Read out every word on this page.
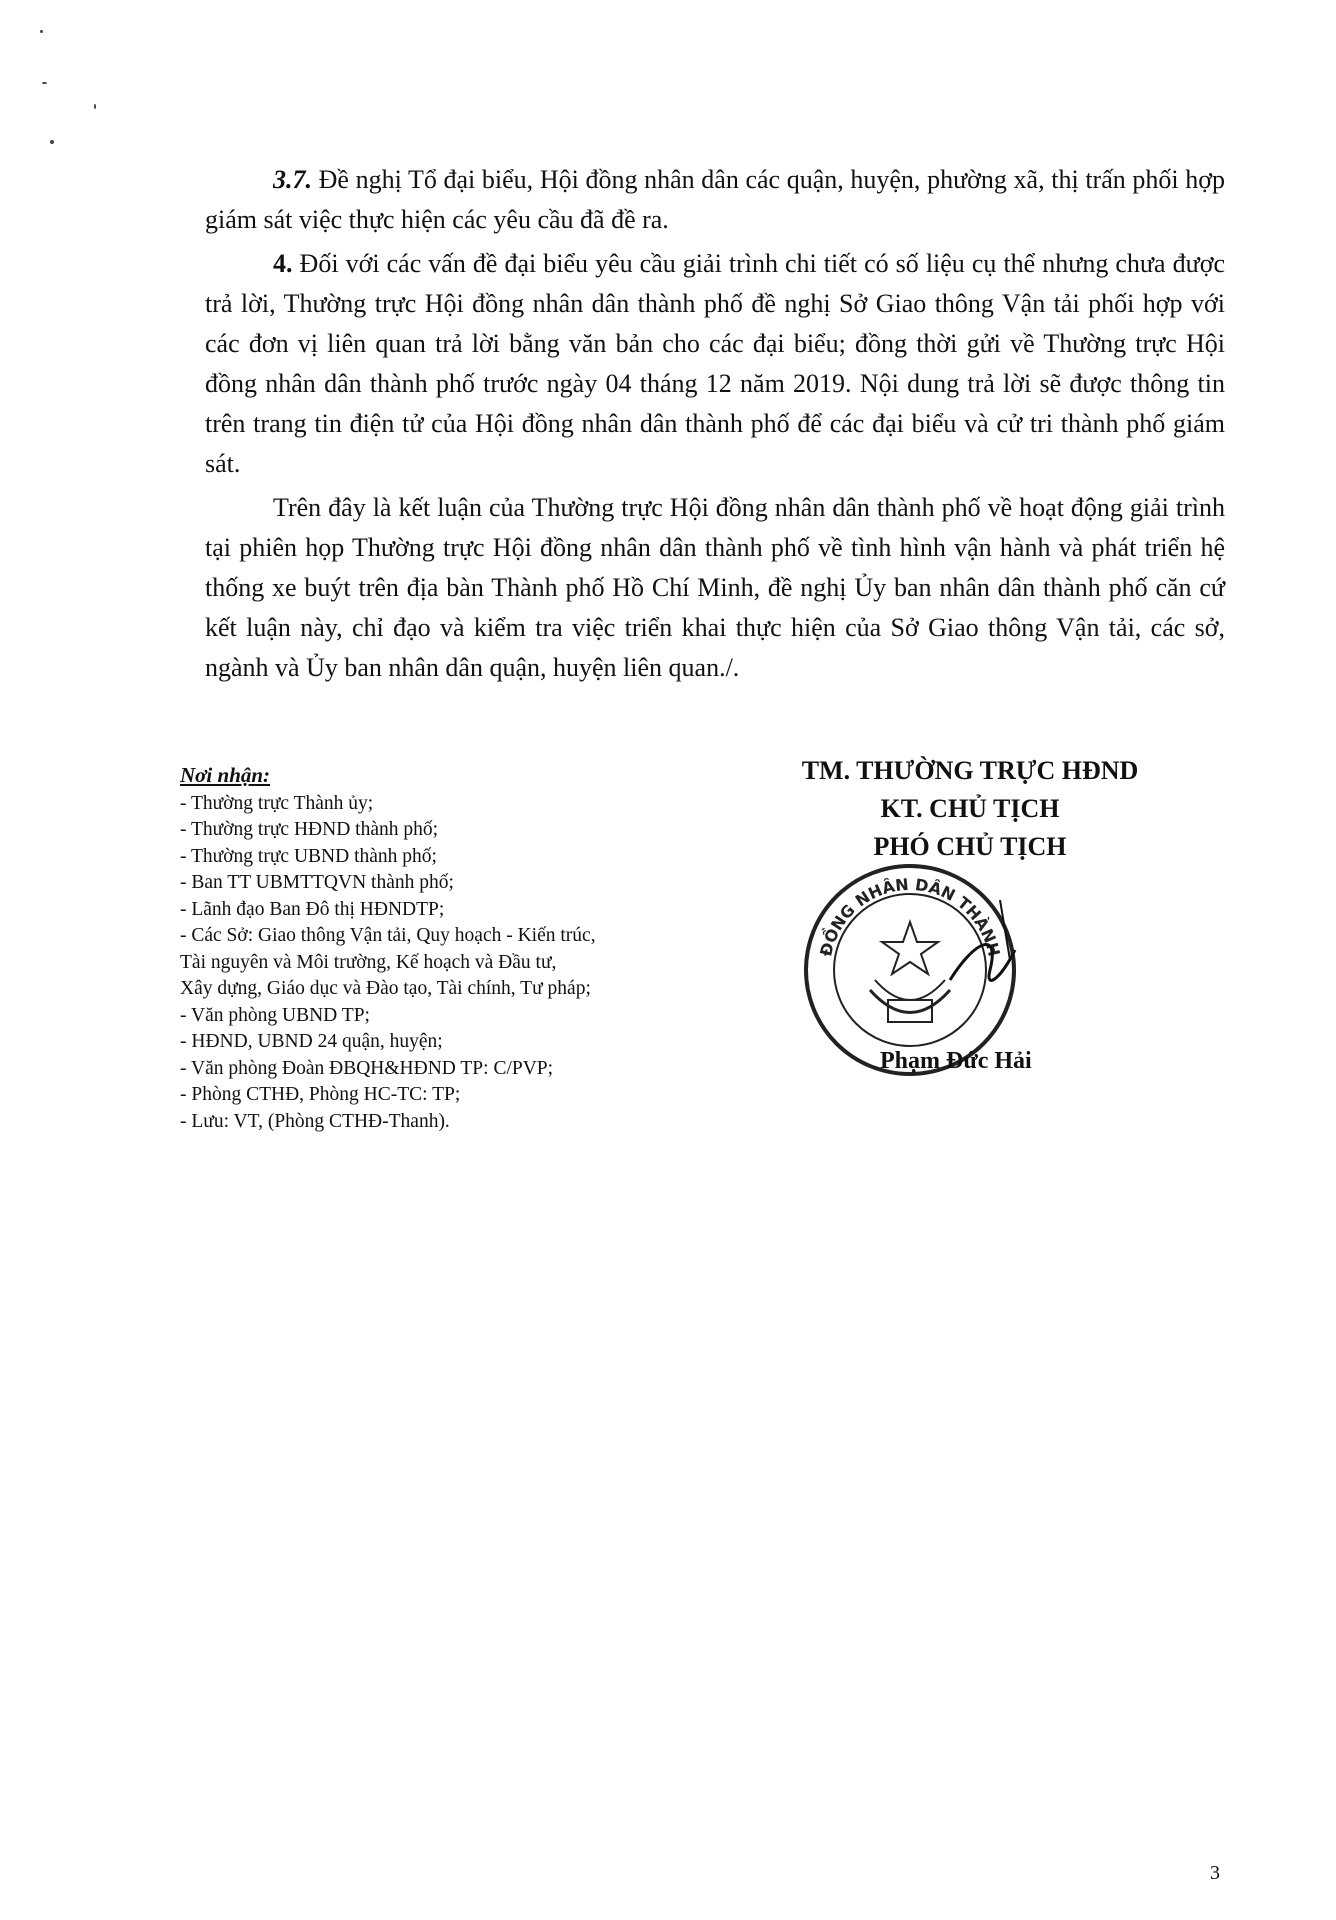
3.7. Đề nghị Tổ đại biểu, Hội đồng nhân dân các quận, huyện, phường xã, thị trấn phối hợp giám sát việc thực hiện các yêu cầu đã đề ra.

4. Đối với các vấn đề đại biểu yêu cầu giải trình chi tiết có số liệu cụ thể nhưng chưa được trả lời, Thường trực Hội đồng nhân dân thành phố đề nghị Sở Giao thông Vận tải phối hợp với các đơn vị liên quan trả lời bằng văn bản cho các đại biểu; đồng thời gửi về Thường trực Hội đồng nhân dân thành phố trước ngày 04 tháng 12 năm 2019. Nội dung trả lời sẽ được thông tin trên trang tin điện tử của Hội đồng nhân dân thành phố để các đại biểu và cử tri thành phố giám sát.

Trên đây là kết luận của Thường trực Hội đồng nhân dân thành phố về hoạt động giải trình tại phiên họp Thường trực Hội đồng nhân dân thành phố về tình hình vận hành và phát triển hệ thống xe buýt trên địa bàn Thành phố Hồ Chí Minh, đề nghị Ủy ban nhân dân thành phố căn cứ kết luận này, chỉ đạo và kiểm tra việc triển khai thực hiện của Sở Giao thông Vận tải, các sở, ngành và Ủy ban nhân dân quận, huyện liên quan./.

Nơi nhận:

- Thường trực Thành ủy;

- Thường trực HĐND thành phố;

- Thường trực UBND thành phố;

- Ban TT UBMTTQVN thành phố;

- Lãnh đạo Ban Đô thị HĐNDTP;

- Các Sở: Giao thông Vận tải, Quy hoạch - Kiến trúc,

Tài nguyên và Môi trường, Kế hoạch và Đầu tư,

Xây dựng, Giáo dục và Đào tạo, Tài chính, Tư pháp;

- Văn phòng UBND TP;

- HĐND, UBND 24 quận, huyện;

- Văn phòng Đoàn ĐBQH&HĐND TP: C/PVP;

- Phòng CTHĐ, Phòng HC-TC: TP;

- Lưu: VT, (Phòng CTHĐ-Thanh).

TM. THƯỜNG TRỰC HĐND

KT. CHỦ TỊCH

PHÓ CHỦ TỊCH

ĐỒNG NHÂN DÂN THÀNH
Phạm Đức Hải
3
